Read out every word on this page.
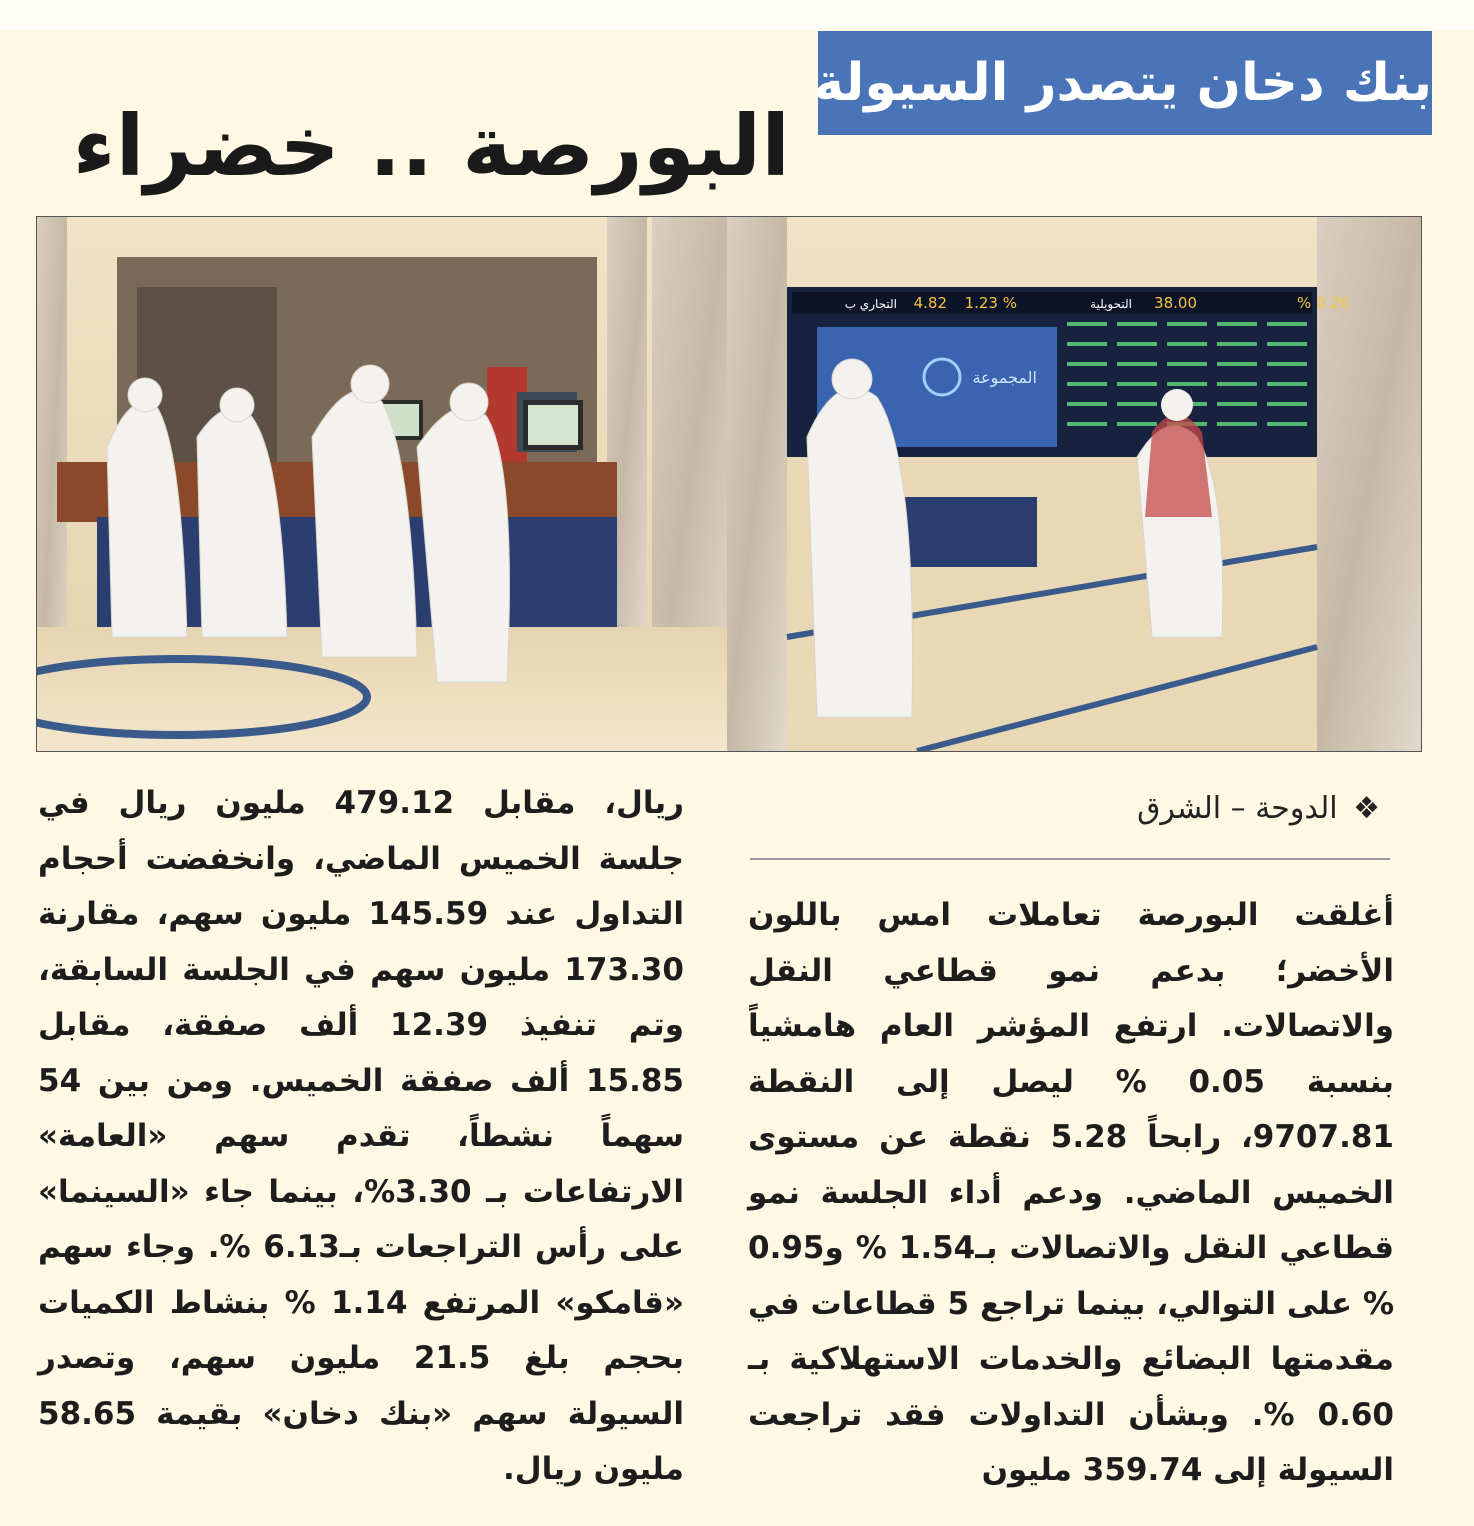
بنك دخان يتصدر السيولة
البورصة .. خضراء
0.26 %
38.00
التحويلية
1.23 %
4.82
التجاري ب
المجموعة
❖ الدوحة – الشرق
أغلقت البورصة تعاملات امس باللون الأخضر؛ بدعم نمو قطاعي النقل والاتصالات. ارتفع المؤشر العام هامشياً بنسبة 0.05 % ليصل إلى النقطة 9707.81، رابحاً 5.28 نقطة عن مستوى الخميس الماضي. ودعم أداء الجلسة نمو قطاعي النقل والاتصالات بـ1.54 % و0.95 % على التوالي، بينما تراجع 5 قطاعات في مقدمتها البضائع والخدمات الاستهلاكية بـ 0.60 %. وبشأن التداولات فقد تراجعت السيولة إلى 359.74 مليون
ريال، مقابل 479.12 مليون ريال في جلسة الخميس الماضي، وانخفضت أحجام التداول عند 145.59 مليون سهم، مقارنة 173.30 مليون سهم في الجلسة السابقة، وتم تنفيذ 12.39 ألف صفقة، مقابل 15.85 ألف صفقة الخميس. ومن بين 54 سهماً نشطاً، تقدم سهم «العامة» الارتفاعات بـ 3.30%، بينما جاء «السينما» على رأس التراجعات بـ6.13 %. وجاء سهم «قامكو» المرتفع 1.14 % بنشاط الكميات بحجم بلغ 21.5 مليون سهم، وتصدر السيولة سهم «بنك دخان» بقيمة 58.65 مليون ريال.
